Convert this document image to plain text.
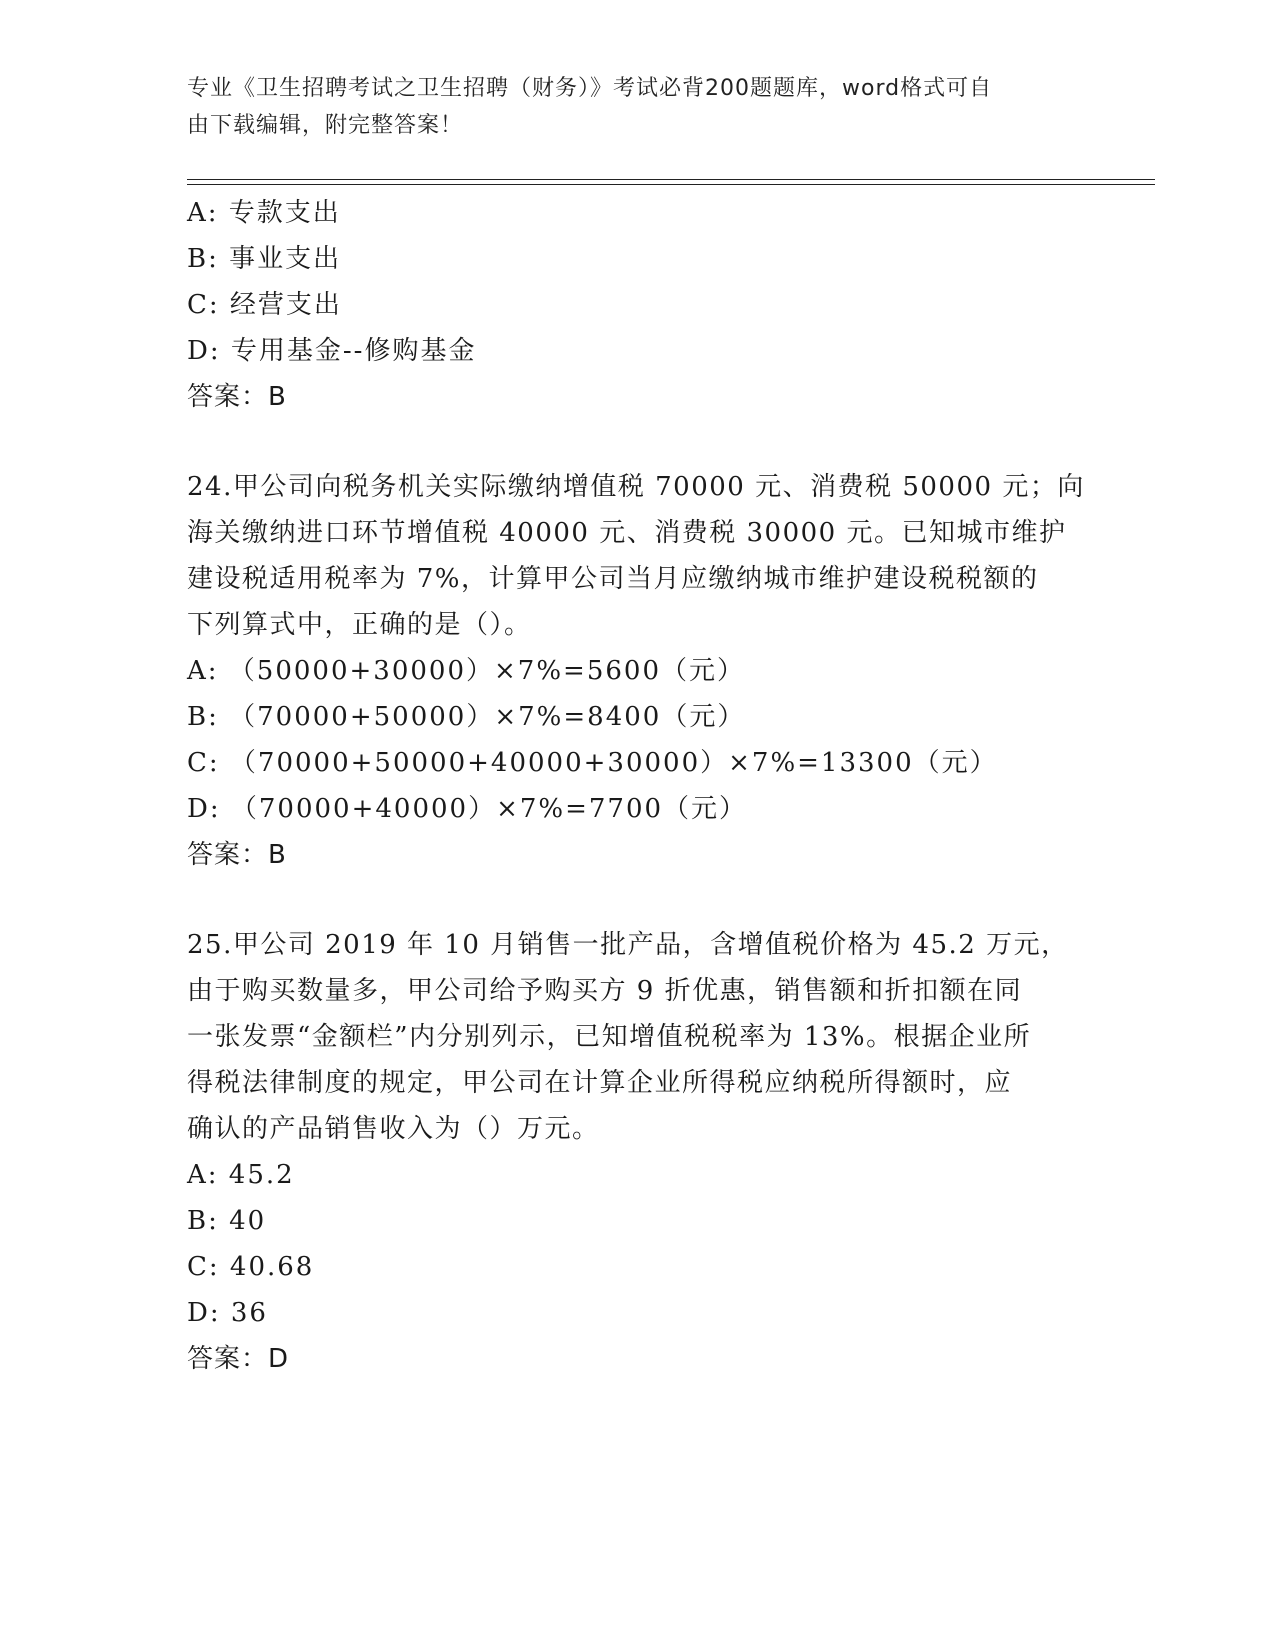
专业《卫生招聘考试之卫生招聘（财务）》考试必背200题题库，word格式可自
由下载编辑，附完整答案！
A: 专款支出
B: 事业支出
C: 经营支出
D: 专用基金--修购基金
答案：B
24.甲公司向税务机关实际缴纳增值税 70000 元、消费税 50000 元；向
海关缴纳进口环节增值税 40000 元、消费税 30000 元。已知城市维护
建设税适用税率为 7%，计算甲公司当月应缴纳城市维护建设税税额的
下列算式中，正确的是（）。
A: （50000+30000）×7%=5600（元）
B: （70000+50000）×7%=8400（元）
C: （70000+50000+40000+30000）×7%=13300（元）
D: （70000+40000）×7%=7700（元）
答案：B
25.甲公司 2019 年 10 月销售一批产品，含增值税价格为 45.2 万元，
由于购买数量多，甲公司给予购买方 9 折优惠，销售额和折扣额在同
一张发票“金额栏”内分别列示，已知增值税税率为 13%。根据企业所
得税法律制度的规定，甲公司在计算企业所得税应纳税所得额时，应
确认的产品销售收入为（）万元。
A: 45.2
B: 40
C: 40.68
D: 36
答案：D
